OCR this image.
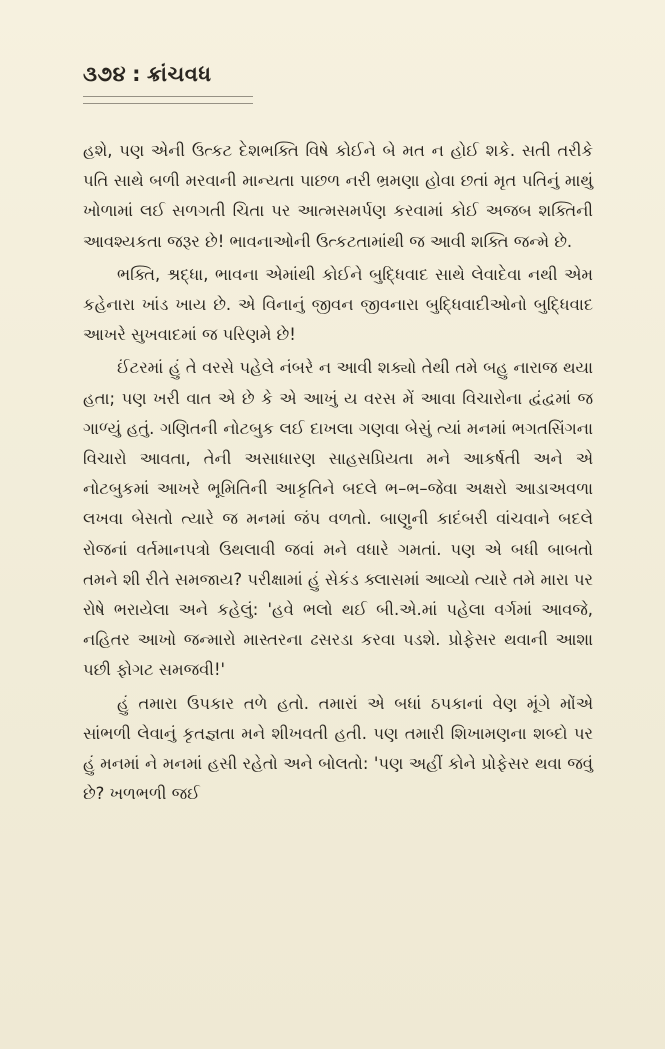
૩૭૪ : ક્રાંચવધ

હશે, પણ એની ઉત્કટ દેશભક્તિ વિષે કોઈને બે મત ન હોઈ શકે. સતી તરીકે પતિ સાથે બળી મરવાની માન્યતા પાછળ નરી ભ્રમણા હોવા છતાં મૃત પતિનું માથું ખોળામાં લઈ સળગતી ચિતા પર આત્મસમર્પણ કરવામાં કોઈ અજબ શક્તિની આવશ્યકતા જરૂર છે! ભાવનાઓની ઉત્કટતામાંથી જ આવી શક્તિ જન્મે છે.

ભક્તિ, શ્રદ્ધા, ભાવના એમાંથી કોઈને બુદ્ધિવાદ સાથે લેવાદેવા નથી એમ કહેનારા ખાંડ ખાય છે. એ વિનાનું જીવન જીવનારા બુદ્ધિવાદીઓનો બુદ્ધિવાદ આખરે સુખવાદમાં જ પરિણમે છે!

ઈંટરમાં હું તે વરસે પહેલે નંબરે ન આવી શક્યો તેથી તમે બહુ નારાજ થયા હતા; પણ ખરી વાત એ છે કે એ આખું ય વરસ મેં આવા વિચારોના દ્વંદ્વમાં જ ગાળ્યું હતું. ગણિતની નોટબુક લઈ દાખલા ગણવા બેસું ત્યાં મનમાં ભગતસિંગના વિચારો આવતા, તેની અસાધારણ સાહસપ્રિયતા મને આકર્ષતી અને એ નોટબુકમાં આખરે ભૂમિતિની આકૃતિને બદલે ભ–ભ–જેવા અક્ષરો આડાઅવળા લખવા બેસતો ત્યારે જ મનમાં જંપ વળતો. બાણુની કાદંબરી વાંચવાને બદલે રોજનાં વર્તમાનપત્રો ઉથલાવી જવાં મને વધારે ગમતાં. પણ એ બધી બાબતો તમને શી રીતે સમજાય? પરીક્ષામાં હું સેકંડ ક્લાસમાં આવ્યો ત્યારે તમે મારા પર રોષે ભરાયેલા અને કહેલું: 'હવે ભલો થઈ બી.એ.માં પહેલા વર્ગમાં આવજે, નહિતર આખો જન્મારો માસ્તરના ઢસરડા કરવા પડશે. પ્રોફેસર થવાની આશા પછી ફોગટ સમજવી!'

હું તમારા ઉપકાર તળે હતો. તમારાં એ બધાં ઠપકાનાં વેણ મૂંગે મોંએ સાંભળી લેવાનું કૃતજ્ઞતા મને શીખવતી હતી. પણ તમારી શિખામણના શબ્દો પર હું મનમાં ને મનમાં હસી રહેતો અને બોલતો: 'પણ અહીં કોને પ્રોફેસર થવા જવું છે? ખળભળી જઈ
